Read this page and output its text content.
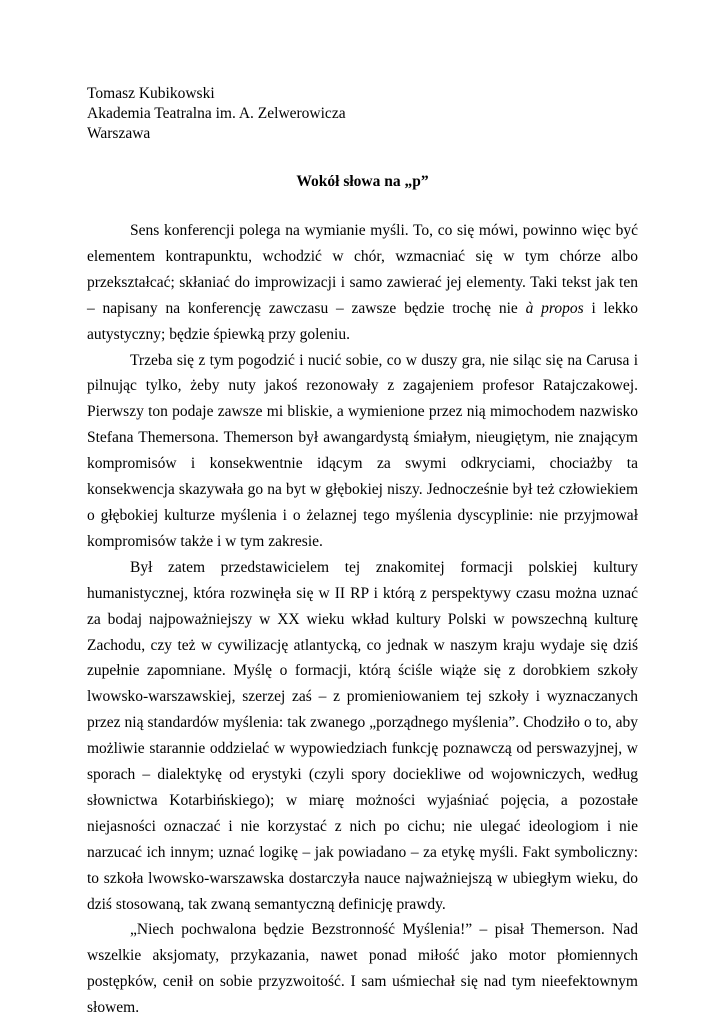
Tomasz Kubikowski
Akademia Teatralna im. A. Zelwerowicza
Warszawa
Wokół słowa na „p”

Sens konferencji polega na wymianie myśli. To, co się mówi, powinno więc być elementem kontrapunktu, wchodzić w chór, wzmacniać się w tym chórze albo przekształcać; skłaniać do improwizacji i samo zawierać jej elementy. Taki tekst jak ten – napisany na konferencję zawczasu – zawsze będzie trochę nie à propos i lekko autystyczny; będzie śpiewką przy goleniu.

Trzeba się z tym pogodzić i nucić sobie, co w duszy gra, nie siląc się na Carusa i pilnując tylko, żeby nuty jakoś rezonowały z zagajeniem profesor Ratajczakowej. Pierwszy ton podaje zawsze mi bliskie, a wymienione przez nią mimochodem nazwisko Stefana Themersona. Themerson był awangardystą śmiałym, nieugiętym, nie znającym kompromisów i konsekwentnie idącym za swymi odkryciami, chociażby ta konsekwencja skazywała go na byt w głębokiej niszy. Jednocześnie był też człowiekiem o głębokiej kulturze myślenia i o żelaznej tego myślenia dyscyplinie: nie przyjmował kompromisów także i w tym zakresie.

Był zatem przedstawicielem tej znakomitej formacji polskiej kultury humanistycznej, która rozwinęła się w II RP i którą z perspektywy czasu można uznać za bodaj najpoważniejszy w XX wieku wkład kultury Polski w powszechną kulturę Zachodu, czy też w cywilizację atlantycką, co jednak w naszym kraju wydaje się dziś zupełnie zapomniane. Myślę o formacji, którą ściśle wiąże się z dorobkiem szkoły lwowsko-warszawskiej, szerzej zaś – z promieniowaniem tej szkoły i wyznaczanych przez nią standardów myślenia: tak zwanego „porządnego myślenia”. Chodziło o to, aby możliwie starannie oddzielać w wypowiedziach funkcję poznawczą od perswazyjnej, w sporach – dialektykę od erystyki (czyli spory dociekliwe od wojowniczych, według słownictwa Kotarbińskiego); w miarę możności wyjaśniać pojęcia, a pozostałe niejasności oznaczać i nie korzystać z nich po cichu; nie ulegać ideologiom i nie narzucać ich innym; uznać logikę – jak powiadano – za etykę myśli. Fakt symboliczny: to szkoła lwowsko-warszawska dostarczyła nauce najważniejszą w ubiegłym wieku, do dziś stosowaną, tak zwaną semantyczną definicję prawdy.

„Niech pochwalona będzie Bezstronność Myślenia!” – pisał Themerson. Nad wszelkie aksjomaty, przykazania, nawet ponad miłość jako motor płomiennych postępków, cenił on sobie przyzwoitość. I sam uśmiechał się nad tym nieefektownym słowem.
